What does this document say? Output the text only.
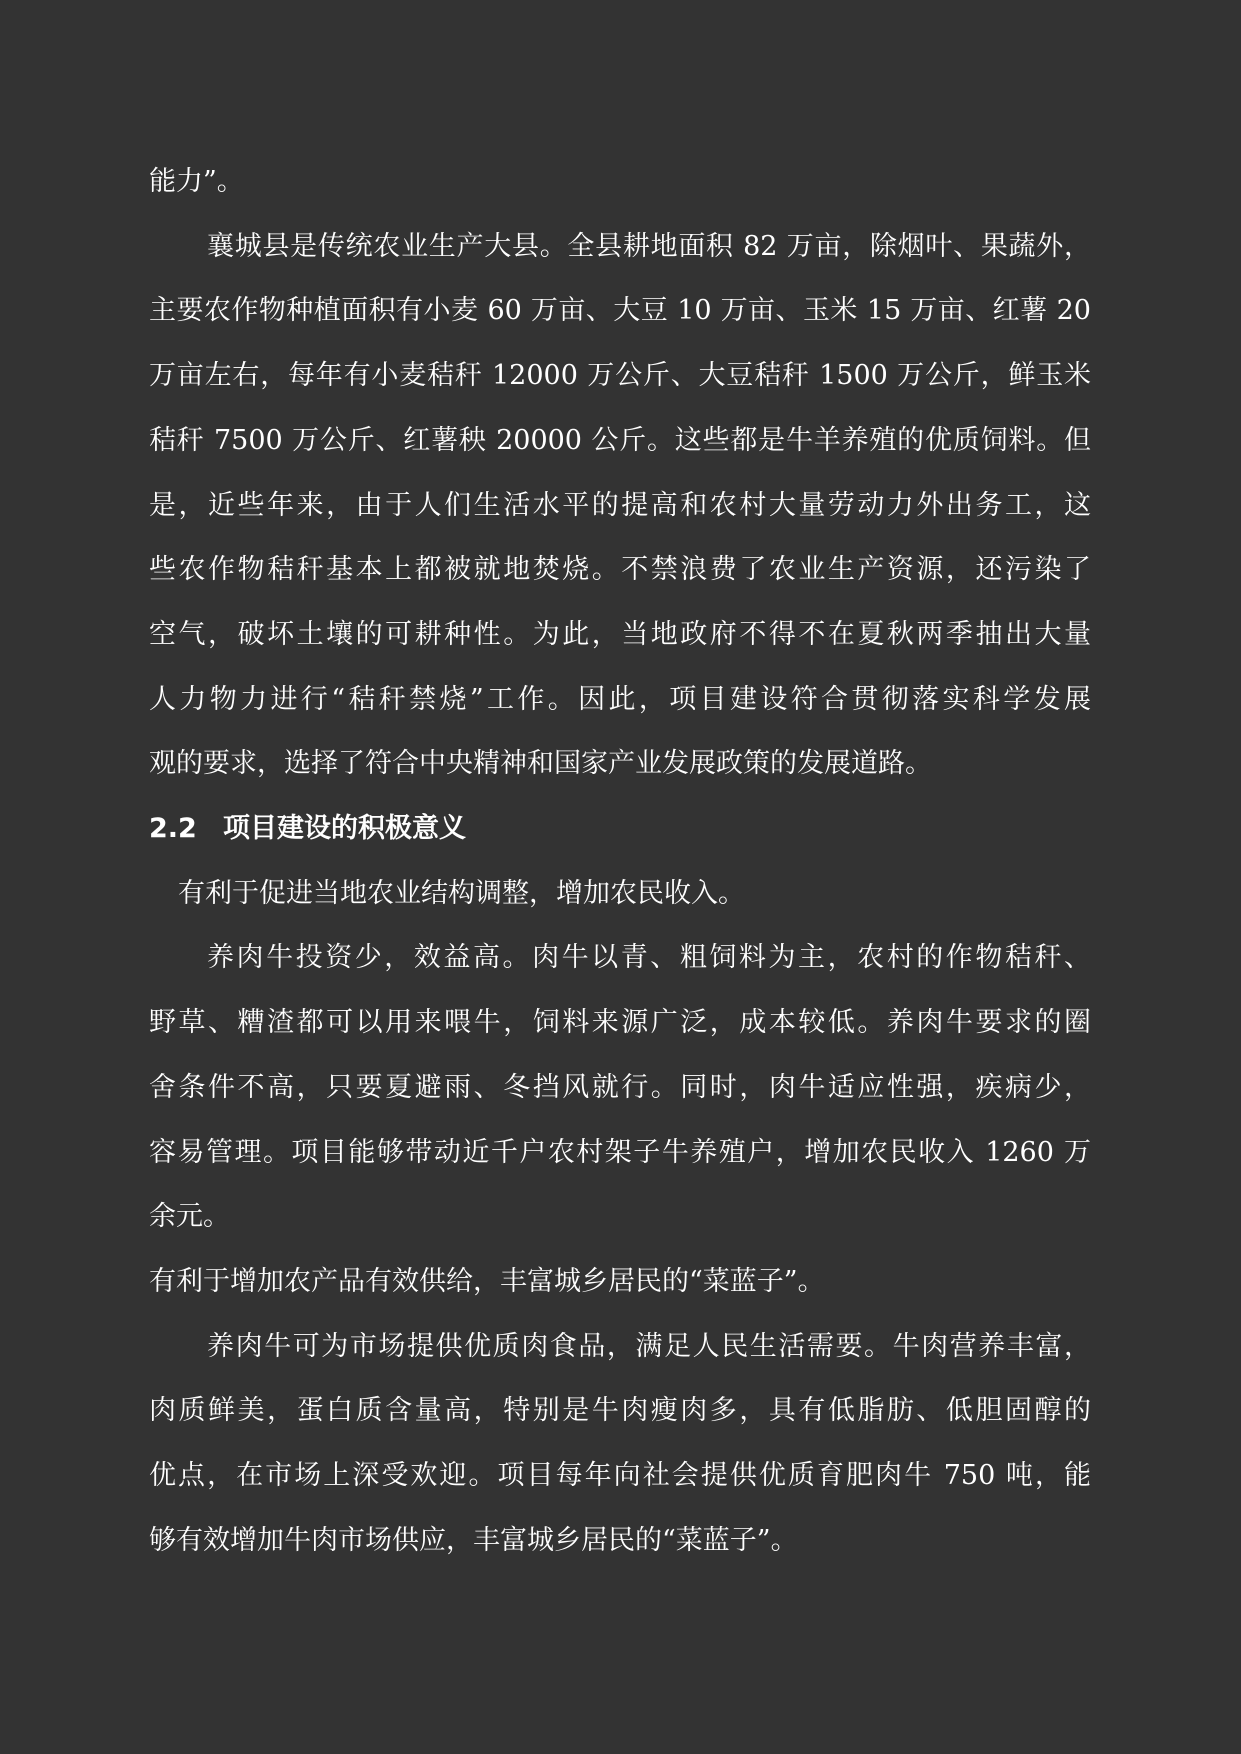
能力”。
襄城县是传统农业生产大县。全县耕地面积 82 万亩，除烟叶、果蔬外，
主要农作物种植面积有小麦 60 万亩、大豆 10 万亩、玉米 15 万亩、红薯 20
万亩左右，每年有小麦秸秆 12000 万公斤、大豆秸秆 1500 万公斤，鲜玉米
秸秆 7500 万公斤、红薯秧 20000 公斤。这些都是牛羊养殖的优质饲料。但
是，近些年来，由于人们生活水平的提高和农村大量劳动力外出务工，这
些农作物秸秆基本上都被就地焚烧。不禁浪费了农业生产资源，还污染了
空气，破坏土壤的可耕种性。为此，当地政府不得不在夏秋两季抽出大量
人力物力进行“秸秆禁烧”工作。因此，项目建设符合贯彻落实科学发展
观的要求，选择了符合中央精神和国家产业发展政策的发展道路。
2.2 项目建设的积极意义
有利于促进当地农业结构调整，增加农民收入。
养肉牛投资少，效益高。肉牛以青、粗饲料为主，农村的作物秸秆、
野草、糟渣都可以用来喂牛，饲料来源广泛，成本较低。养肉牛要求的圈
舍条件不高，只要夏避雨、冬挡风就行。同时，肉牛适应性强，疾病少，
容易管理。项目能够带动近千户农村架子牛养殖户，增加农民收入 1260 万
余元。
有利于增加农产品有效供给，丰富城乡居民的“菜蓝子”。
养肉牛可为市场提供优质肉食品，满足人民生活需要。牛肉营养丰富，
肉质鲜美，蛋白质含量高，特别是牛肉瘦肉多，具有低脂肪、低胆固醇的
优点，在市场上深受欢迎。项目每年向社会提供优质育肥肉牛 750 吨，能
够有效增加牛肉市场供应，丰富城乡居民的“菜蓝子”。
